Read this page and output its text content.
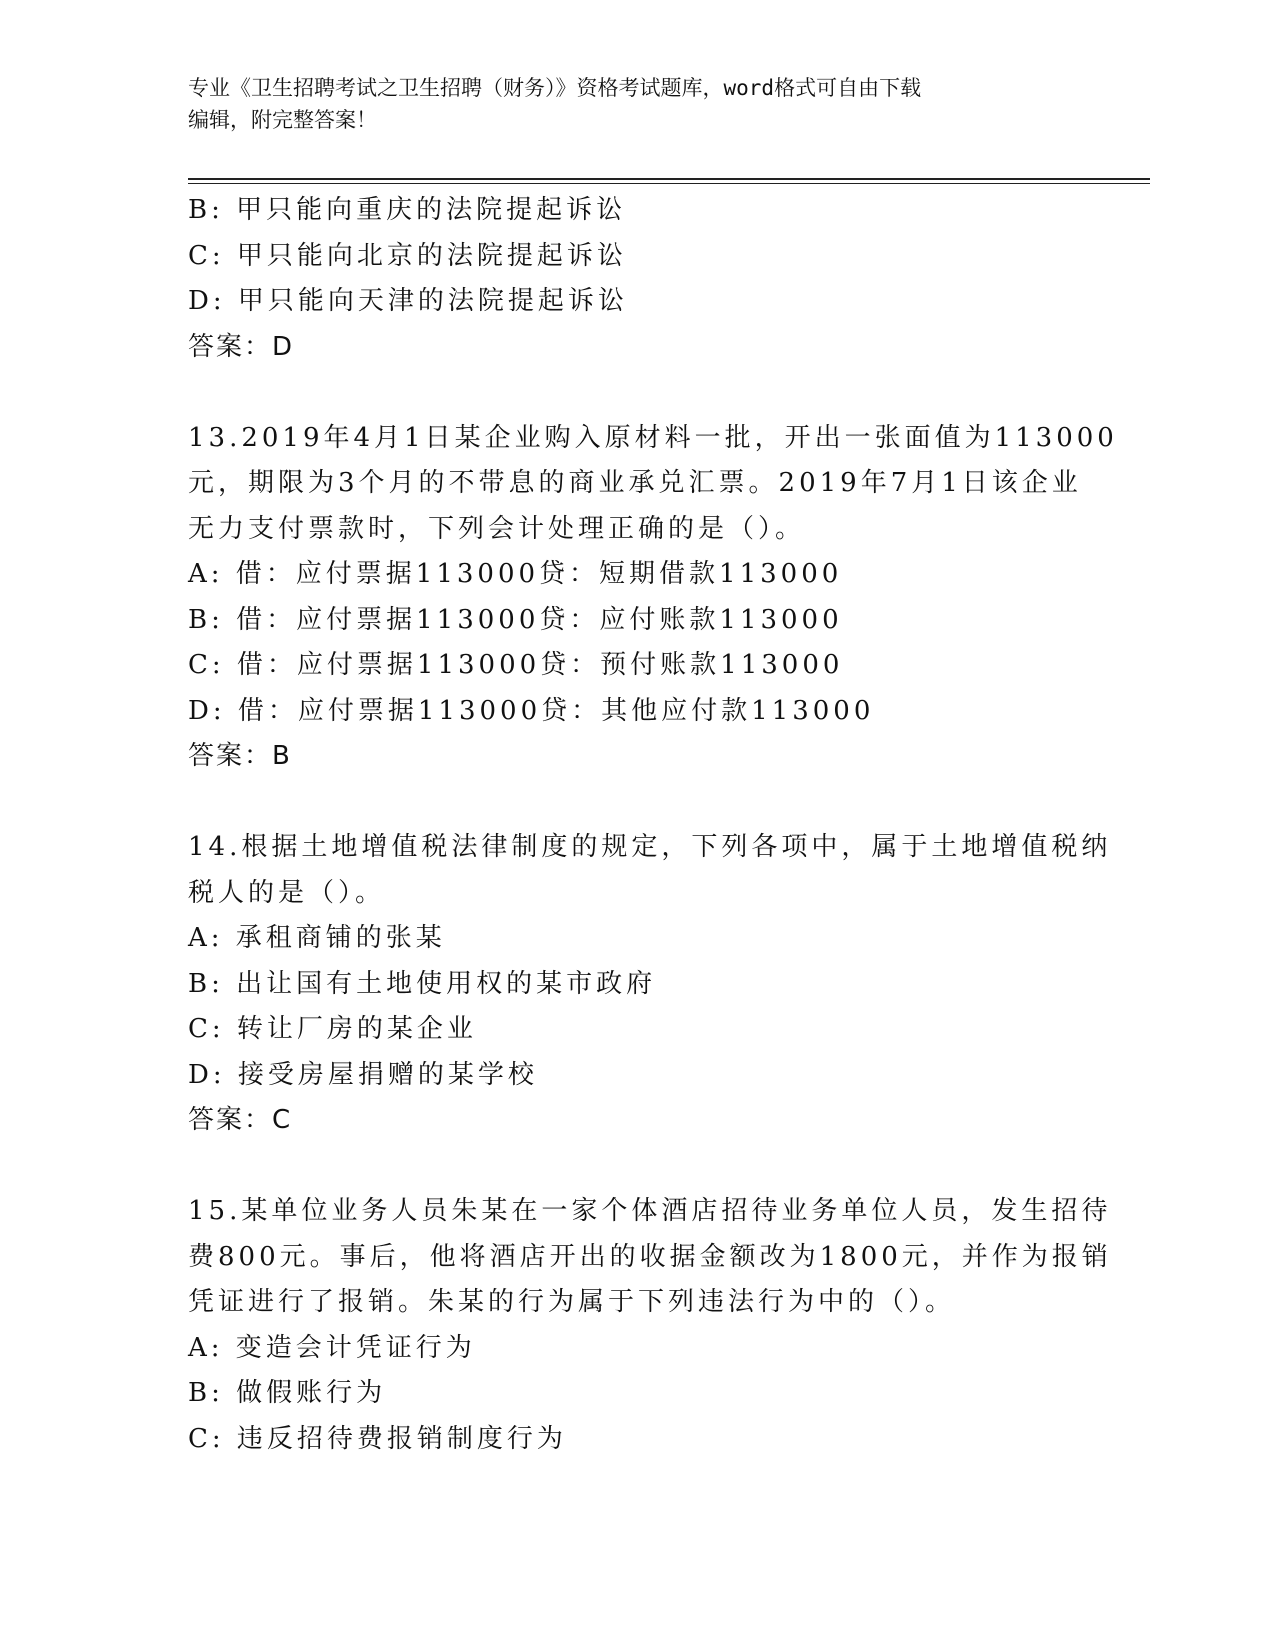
专业《卫生招聘考试之卫生招聘（财务）》资格考试题库，word格式可自由下载
编辑，附完整答案！
B: 甲只能向重庆的法院提起诉讼
C: 甲只能向北京的法院提起诉讼
D: 甲只能向天津的法院提起诉讼
答案：D
13.2019年4月1日某企业购入原材料一批，开出一张面值为113000
元，期限为3个月的不带息的商业承兑汇票。2019年7月1日该企业
无力支付票款时，下列会计处理正确的是（）。
A: 借：应付票据113000贷：短期借款113000
B: 借：应付票据113000贷：应付账款113000
C: 借：应付票据113000贷：预付账款113000
D: 借：应付票据113000贷：其他应付款113000
答案：B
14.根据土地增值税法律制度的规定，下列各项中，属于土地增值税纳
税人的是（）。
A: 承租商铺的张某
B: 出让国有土地使用权的某市政府
C: 转让厂房的某企业
D: 接受房屋捐赠的某学校
答案：C
15.某单位业务人员朱某在一家个体酒店招待业务单位人员，发生招待
费800元。事后，他将酒店开出的收据金额改为1800元，并作为报销
凭证进行了报销。朱某的行为属于下列违法行为中的（）。
A: 变造会计凭证行为
B: 做假账行为
C: 违反招待费报销制度行为
